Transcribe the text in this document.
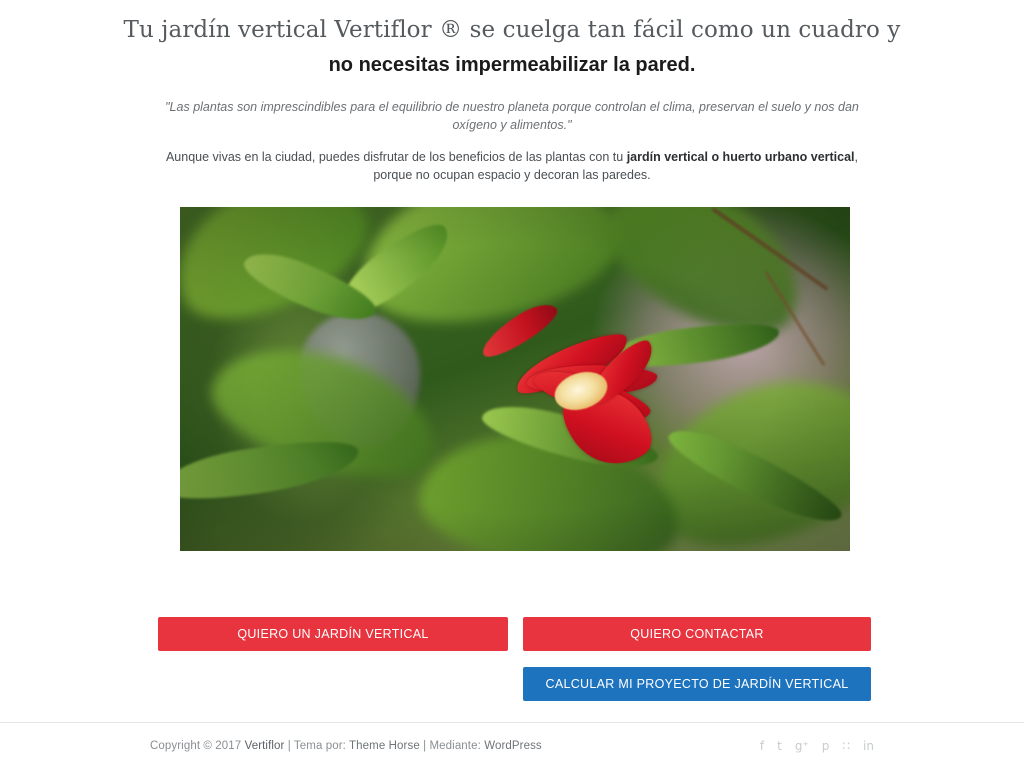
Tu jardín vertical Vertiflor ® se cuelga tan fácil como un cuadro y
no necesitas impermeabilizar la pared.

"Las plantas son imprescindibles para el equilibrio de nuestro planeta porque controlan el clima, preservan el suelo y nos dan oxígeno y alimentos."

Aunque vivas en la ciudad, puedes disfrutar de los beneficios de las plantas con tu jardín vertical o huerto urbano vertical, porque no ocupan espacio y decoran las paredes.

QUIERO UN JARDÍN VERTICAL	QUIERO CONTACTAR
CALCULAR MI PROYECTO DE JARDÍN VERTICAL
Copyright © 2017 Vertiflor | Tema por: Theme Horse | Mediante: WordPress	f t g⁺ p ∷ in
